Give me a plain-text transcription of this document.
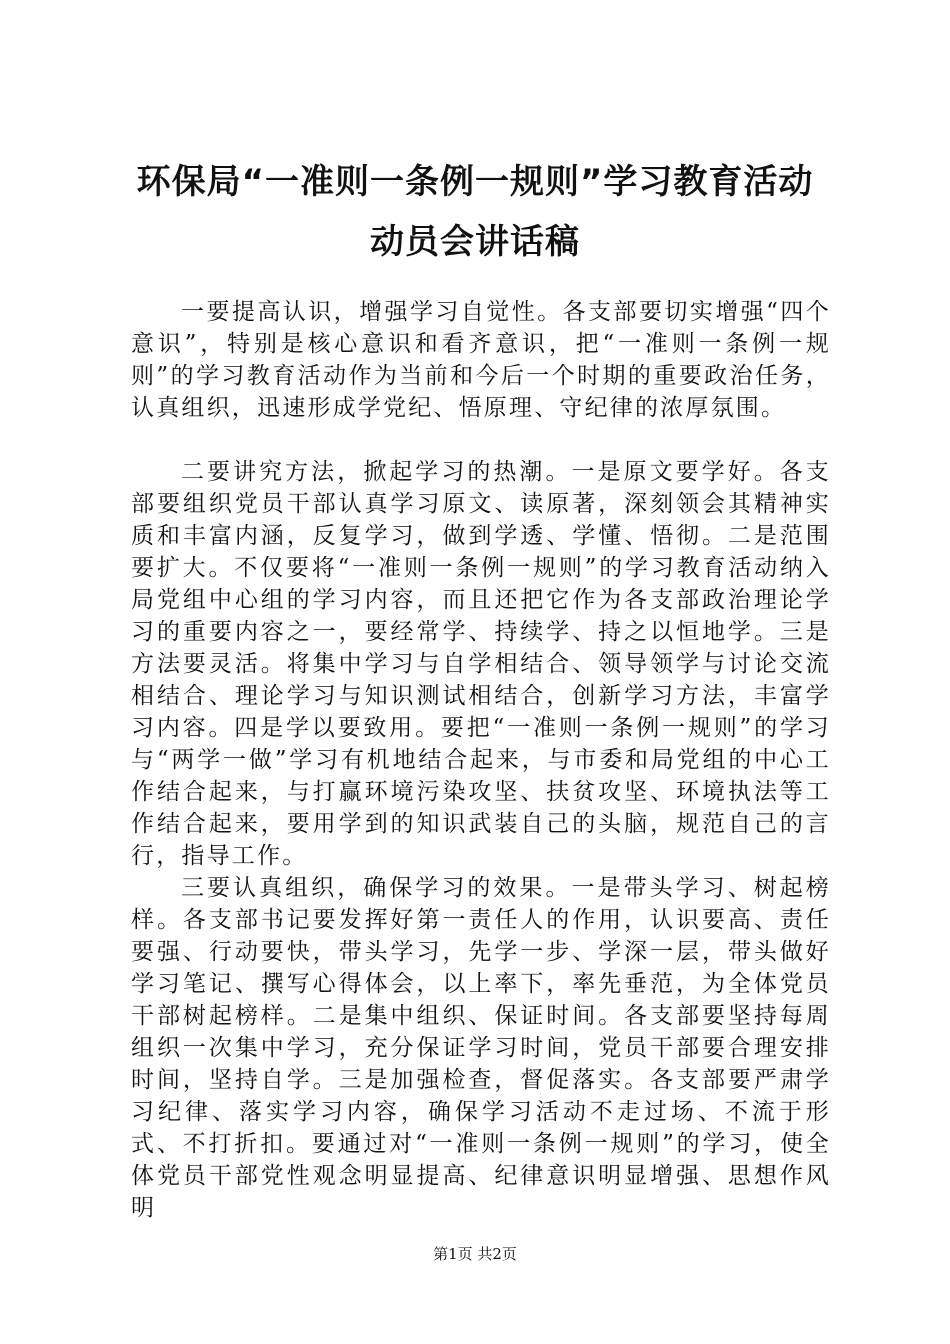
环保局“一准则一条例一规则”学习教育活动
动员会讲话稿

一要提高认识，增强学习自觉性。各支部要切实增强“四个意识”，特别是核心意识和看齐意识，把“一准则一条例一规则”的学习教育活动作为当前和今后一个时期的重要政治任务，认真组织，迅速形成学党纪、悟原理、守纪律的浓厚氛围。

二要讲究方法，掀起学习的热潮。一是原文要学好。各支部要组织党员干部认真学习原文、读原著，深刻领会其精神实质和丰富内涵，反复学习，做到学透、学懂、悟彻。二是范围要扩大。不仅要将“一准则一条例一规则”的学习教育活动纳入局党组中心组的学习内容，而且还把它作为各支部政治理论学习的重要内容之一，要经常学、持续学、持之以恒地学。三是方法要灵活。将集中学习与自学相结合、领导领学与讨论交流相结合、理论学习与知识测试相结合，创新学习方法，丰富学习内容。四是学以要致用。要把“一准则一条例一规则”的学习与“两学一做”学习有机地结合起来，与市委和局党组的中心工作结合起来，与打赢环境污染攻坚、扶贫攻坚、环境执法等工作结合起来，要用学到的知识武装自己的头脑，规范自己的言行，指导工作。

三要认真组织，确保学习的效果。一是带头学习、树起榜样。各支部书记要发挥好第一责任人的作用，认识要高、责任要强、行动要快，带头学习，先学一步、学深一层，带头做好学习笔记、撰写心得体会，以上率下，率先垂范，为全体党员干部树起榜样。二是集中组织、保证时间。各支部要坚持每周组织一次集中学习，充分保证学习时间，党员干部要合理安排时间，坚持自学。三是加强检查，督促落实。各支部要严肃学习纪律、落实学习内容，确保学习活动不走过场、不流于形式、不打折扣。要通过对“一准则一条例一规则”的学习，使全体党员干部党性观念明显提高、纪律意识明显增强、思想作风明

第1页 共2页
